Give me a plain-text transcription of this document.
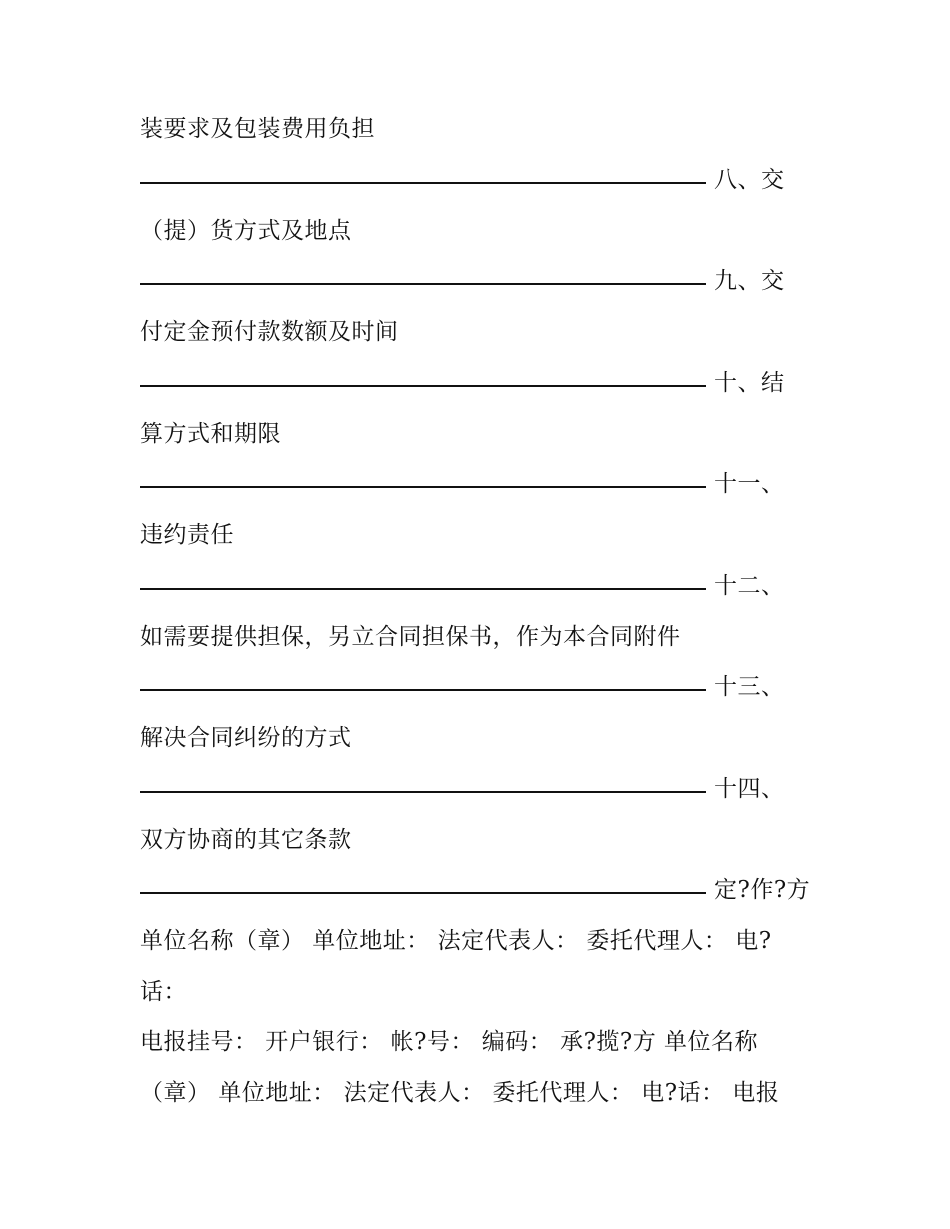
装要求及包装费用负担
八、交
（提）货方式及地点
九、交
付定金预付款数额及时间
十、结
算方式和期限
十一、
违约责任
十二、
如需要提供担保，另立合同担保书，作为本合同附件
十三、
解决合同纠纷的方式
十四、
双方协商的其它条款
定?作?方
单位名称（章） 单位地址： 法定代表人： 委托代理人： 电?
话：
电报挂号： 开户银行： 帐?号： 编码： 承?揽?方 单位名称
（章） 单位地址： 法定代表人： 委托代理人： 电?话： 电报
